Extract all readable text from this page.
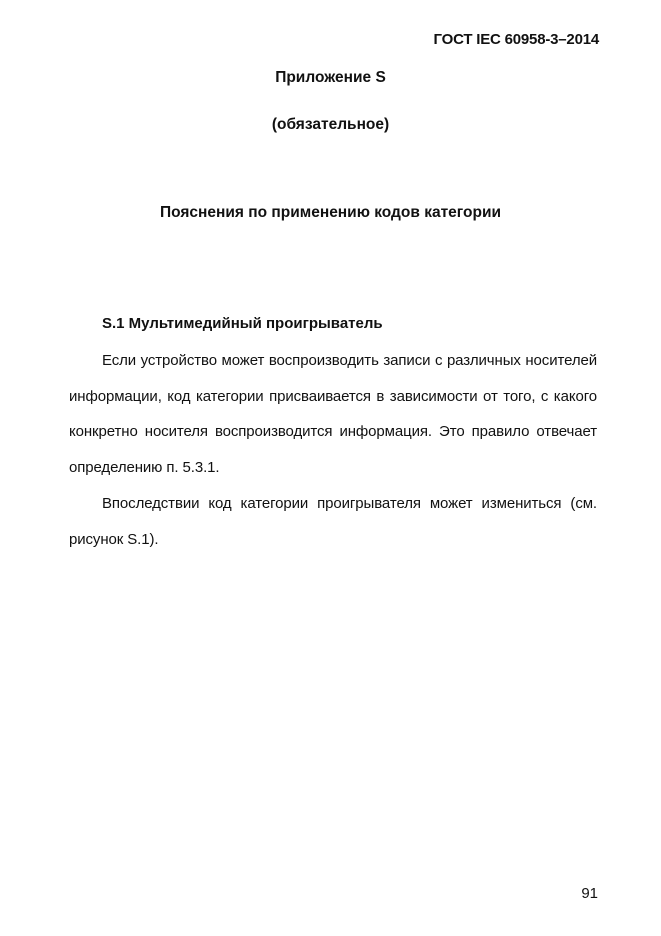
ГОСТ IEC 60958-3–2014
Приложение S
(обязательное)
Пояснения по применению кодов категории
S.1 Мультимедийный проигрыватель

Если устройство может воспроизводить записи с различных носителей информации, код категории присваивается в зависимости от того, с какого конкретно носителя воспроизводится информация. Это правило отвечает определению п. 5.3.1.

Впоследствии код категории проигрывателя может измениться (см. рисунок S.1).

91
